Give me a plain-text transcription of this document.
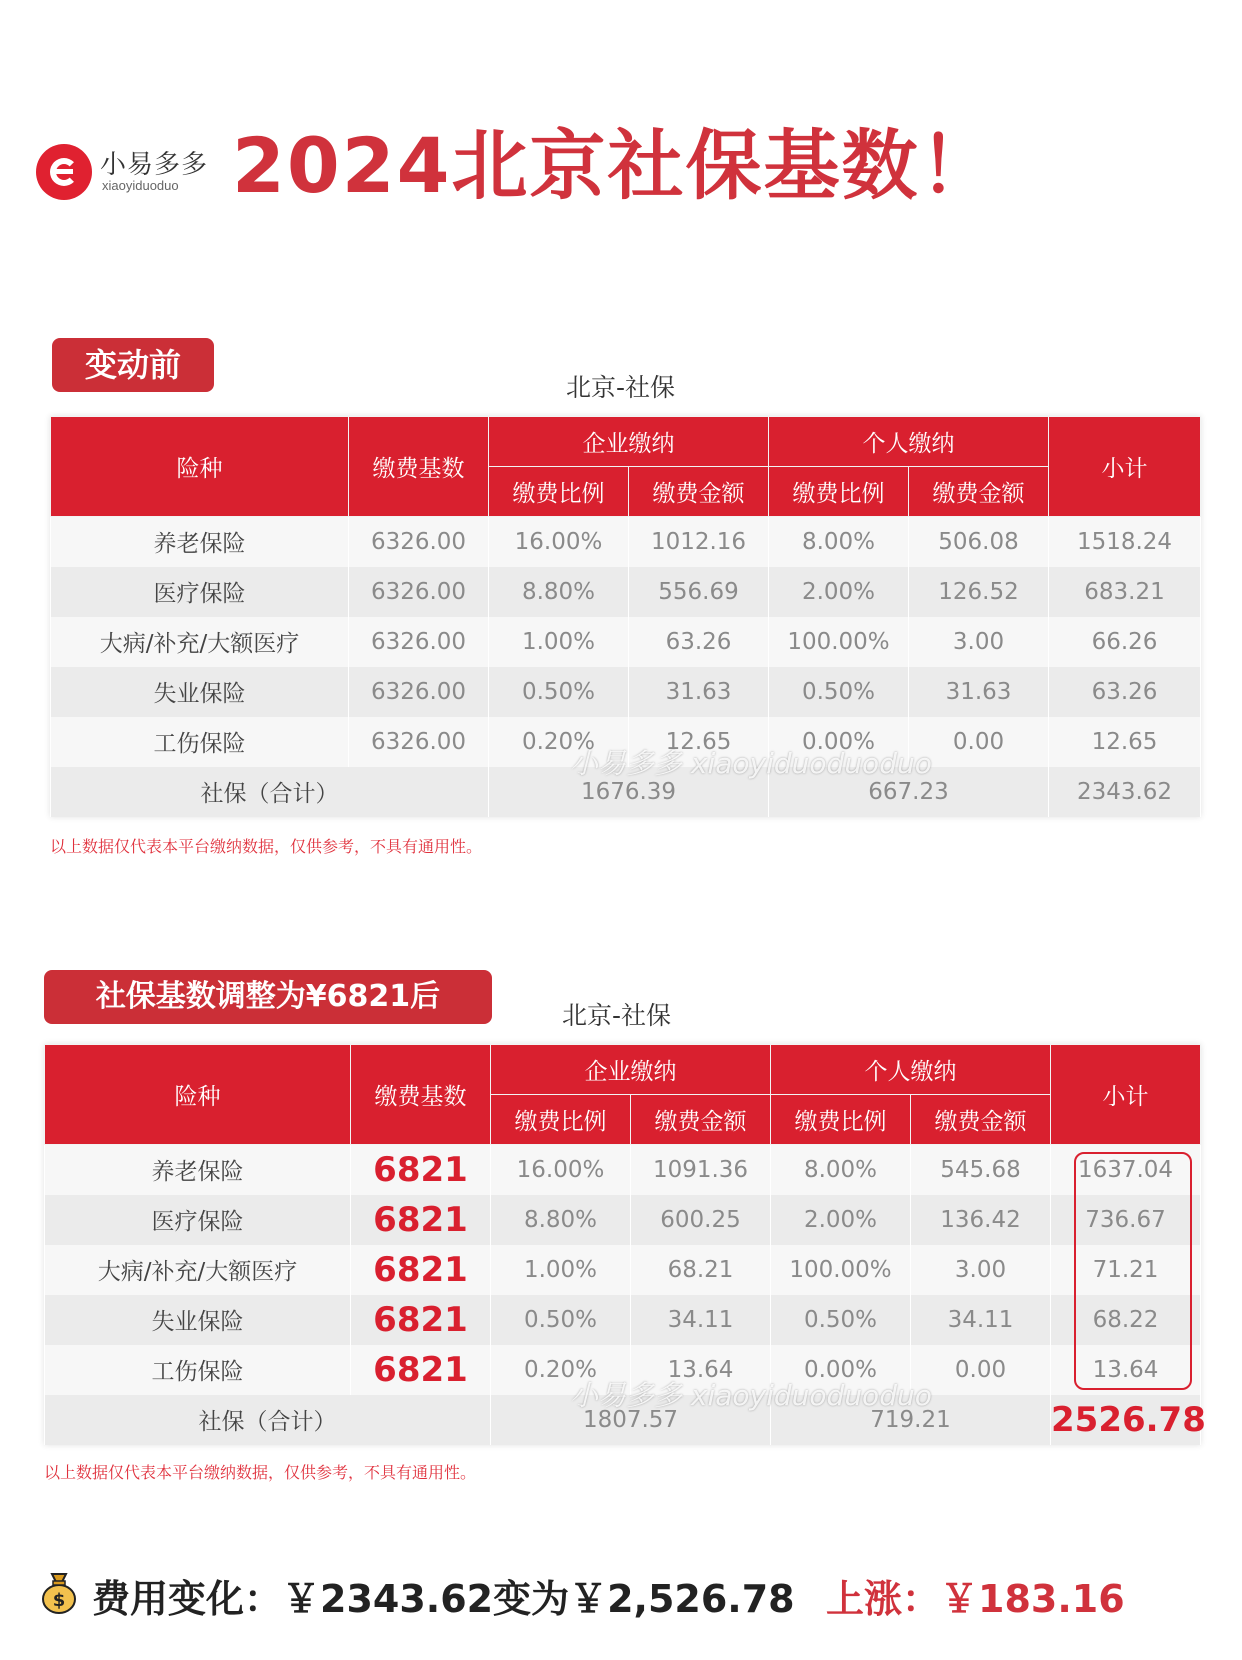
小易多多
xiaoyiduoduo 2024北京社保基数！
变动前
北京-社保
险种	缴费基数	企业缴纳		个人缴纳		小计
		缴费比例	缴费金额	缴费比例	缴费金额	
养老保险	6326.00	16.00%	1012.16	8.00%	506.08	1518.24
医疗保险	6326.00	8.80%	556.69	2.00%	126.52	683.21
大病/补充/大额医疗	6326.00	1.00%	63.26	100.00%	3.00	66.26
失业保险	6326.00	0.50%	31.63	0.50%	31.63	63.26
工伤保险	6326.00	0.20%	12.65	0.00%	0.00	12.65
社保（合计）		1676.39		667.23		2343.62
小易多多 xiaoyiduoduoduo
以上数据仅代表本平台缴纳数据，仅供参考，不具有通用性。
社保基数调整为¥6821后
北京-社保
险种	缴费基数	企业缴纳		个人缴纳		小计
		缴费比例	缴费金额	缴费比例	缴费金额	
养老保险	6821	16.00%	1091.36	8.00%	545.68	1637.04
医疗保险	6821	8.80%	600.25	2.00%	136.42	736.67
大病/补充/大额医疗	6821	1.00%	68.21	100.00%	3.00	71.21
失业保险	6821	0.50%	34.11	0.50%	34.11	68.22
工伤保险	6821	0.20%	13.64	0.00%	0.00	13.64
社保（合计）		1807.57		719.21		2526.78
小易多多 xiaoyiduoduoduo
以上数据仅代表本平台缴纳数据，仅供参考，不具有通用性。
$ 费用变化：￥2343.62变为￥2,526.78 上涨：￥183.16
